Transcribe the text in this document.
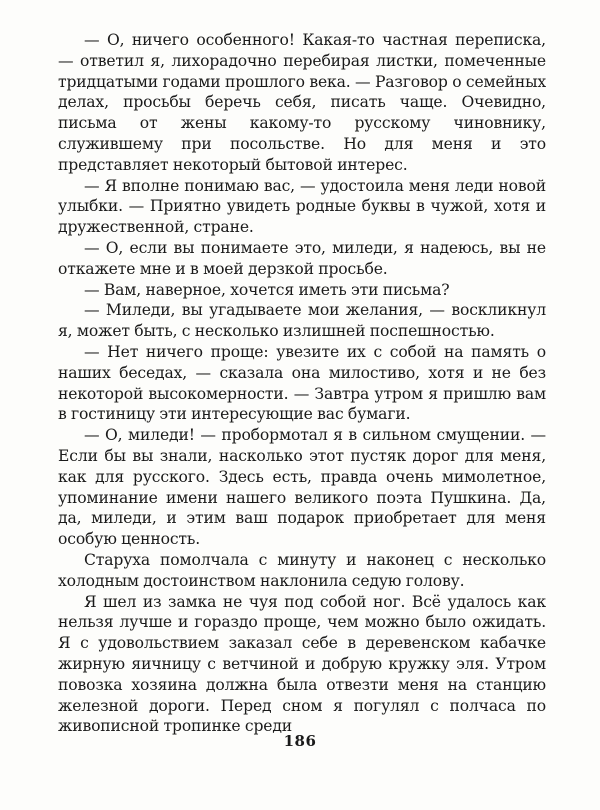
— О, ничего особенного! Какая-то частная переписка, — ответил я, лихорадочно перебирая листки, помеченные тридцатыми годами прошлого века. — Разговор о семейных делах, просьбы беречь себя, писать чаще. Очевидно, письма от жены какому-то русскому чиновнику, служившему при посольстве. Но для меня и это представляет некоторый бытовой интерес.

— Я вполне понимаю вас, — удостоила меня леди новой улыбки. — Приятно увидеть родные буквы в чужой, хотя и дружественной, стране.

— О, если вы понимаете это, миледи, я надеюсь, вы не откажете мне и в моей дерзкой просьбе.

— Вам, наверное, хочется иметь эти письма?

— Миледи, вы угадываете мои желания, — воскликнул я, может быть, с несколько излишней поспешностью.

— Нет ничего проще: увезите их с собой на память о наших беседах, — сказала она милостиво, хотя и не без некоторой высокомерности. — Завтра утром я пришлю вам в гостиницу эти интересующие вас бумаги.

— О, миледи! — пробормотал я в сильном смущении. — Если бы вы знали, насколько этот пустяк дорог для меня, как для русского. Здесь есть, правда очень мимолетное, упоминание имени нашего великого поэта Пушкина. Да, да, миледи, и этим ваш подарок приобретает для меня особую ценность.

Старуха помолчала с минуту и наконец с несколько холодным достоинством наклонила седую голову.

Я шел из замка не чуя под собой ног. Всё удалось как нельзя лучше и гораздо проще, чем можно было ожидать. Я с удовольствием заказал себе в деревенском кабачке жирную яичницу с ветчиной и добрую кружку эля. Утром повозка хозяина должна была отвезти меня на станцию железной дороги. Перед сном я погулял с полчаса по живописной тропинке среди

186
